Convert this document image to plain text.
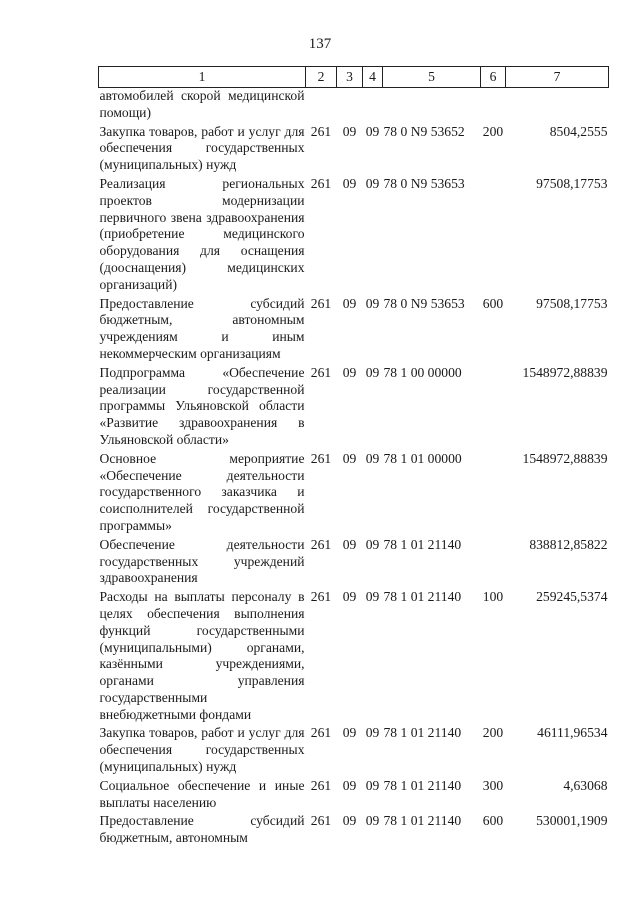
137
1	2	3	4	5	6	7
автомобилей скорой медицинской помощи)						
Закупка товаров, работ и услуг для обеспечения государственных (муниципальных) нужд	261	09	09	78 0 N9 53652	200	8504,2555
Реализация региональных проектов модернизации первичного звена здравоохранения (приобретение медицинского оборудования для оснащения (дооснащения) медицинских организаций)	261	09	09	78 0 N9 53653		97508,17753
Предоставление субсидий бюджетным, автономным учреждениям и иным некоммерческим организациям	261	09	09	78 0 N9 53653	600	97508,17753
Подпрограмма «Обеспечение реализации государственной программы Ульяновской области «Развитие здравоохранения в Ульяновской области»	261	09	09	78 1 00 00000		1548972,88839
Основное мероприятие «Обеспечение деятельности государственного заказчика и соисполнителей государственной программы»	261	09	09	78 1 01 00000		1548972,88839
Обеспечение деятельности государственных учреждений здравоохранения	261	09	09	78 1 01 21140		838812,85822
Расходы на выплаты персоналу в целях обеспечения выполнения функций государственными (муниципальными) органами, казёнными учреждениями, органами управления государственными внебюджетными фондами	261	09	09	78 1 01 21140	100	259245,5374
Закупка товаров, работ и услуг для обеспечения государственных (муниципальных) нужд	261	09	09	78 1 01 21140	200	46111,96534
Социальное обеспечение и иные выплаты населению	261	09	09	78 1 01 21140	300	4,63068
Предоставление субсидий бюджетным, автономным	261	09	09	78 1 01 21140	600	530001,1909
